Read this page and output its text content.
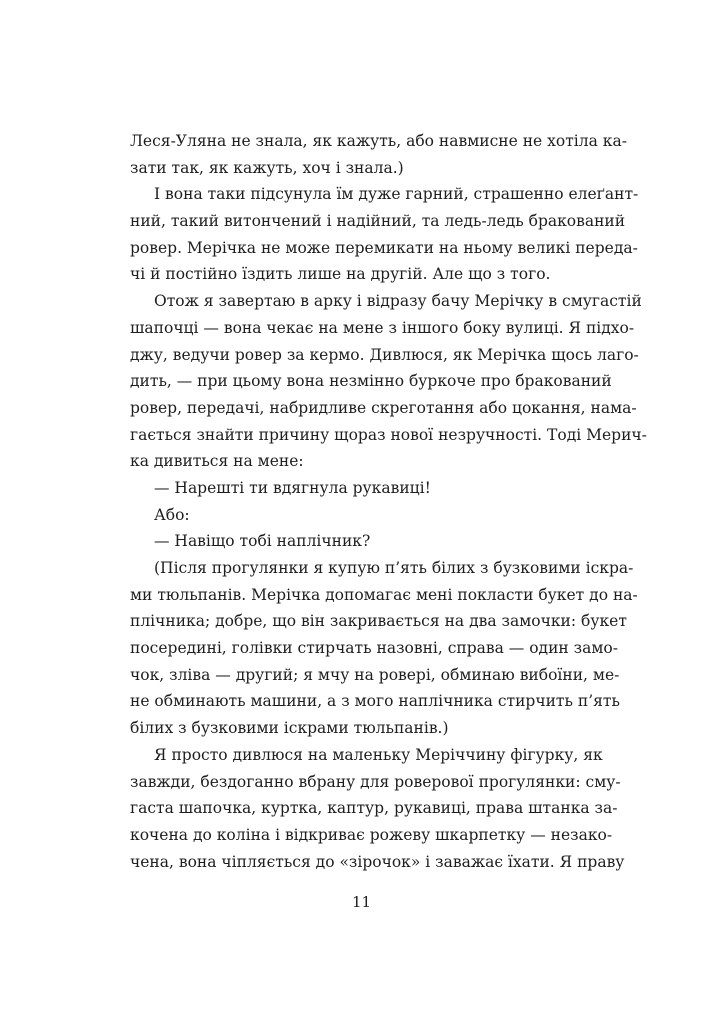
Леся-Уляна не знала, як кажуть, або навмисне не хотіла ка-
зати так, як кажуть, хоч і знала.)
І вона таки підсунула їм дуже гарний, страшенно елеґант-
ний, такий витончений і надійний, та ледь-ледь бракований
ровер. Мерічка не може перемикати на ньому великі переда-
чі й постійно їздить лише на другій. Але що з того.
Отож я завертаю в арку і відразу бачу Мерічку в смугастій
шапочці — вона чекає на мене з іншого боку вулиці. Я підхо-
джу, ведучи ровер за кермо. Дивлюся, як Мерічка щось лаго-
дить, — при цьому вона незмінно буркоче про бракований
ровер, передачі, набридливе скреготання або цокання, нама-
гається знайти причину щораз нової незручності. Тоді Мерич-
ка дивиться на мене:
— Нарешті ти вдягнула рукавиці!
Або:
— Навіщо тобі наплічник?
(Після прогулянки я купую п’ять білих з бузковими іскра-
ми тюльпанів. Мерічка допомагає мені покласти букет до на-
плічника; добре, що він закривається на два замочки: букет
посередині, голівки стирчать назовні, справа — один замо-
чок, зліва — другий; я мчу на ровері, обминаю вибоїни, ме-
не обминають машини, а з мого наплічника стирчить п’ять
білих з бузковими іскрами тюльпанів.)
Я просто дивлюся на маленьку Мерiччину фігурку, як
завжди, бездоганно вбрану для роверової прогулянки: сму-
гаста шапочка, куртка, каптур, рукавиці, права штанка за-
кочена до коліна і відкриває рожеву шкарпетку — незако-
чена, вона чіпляється до «зірочок» і заважає їхати. Я праву
11
